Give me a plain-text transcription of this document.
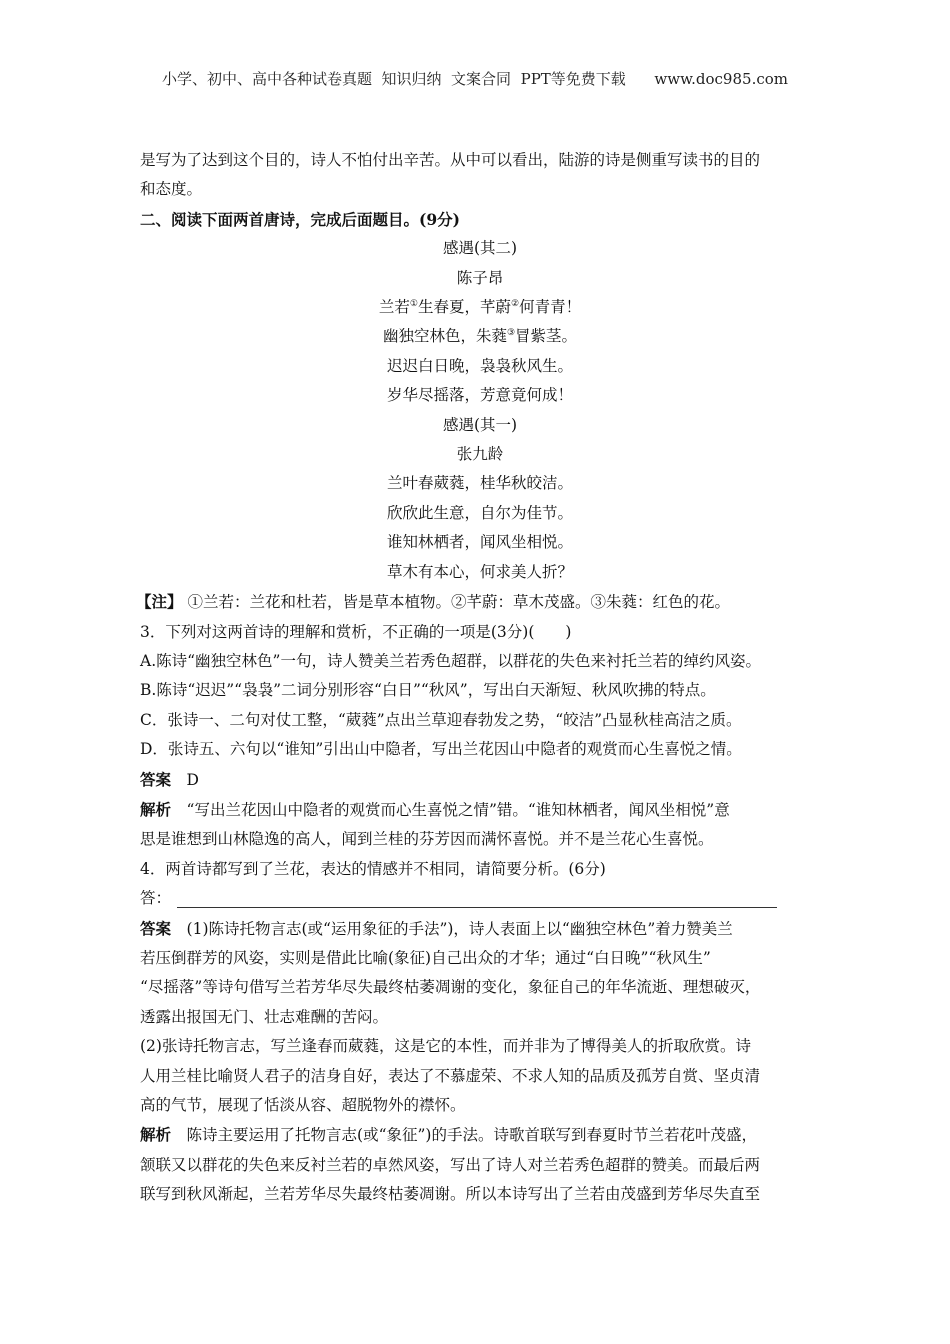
小学、初中、高中各种试卷真题  知识归纳  文案合同  PPT等免费下载      www.doc985.com
是写为了达到这个目的，诗人不怕付出辛苦。从中可以看出，陆游的诗是侧重写读书的目的
和态度。
二、阅读下面两首唐诗，完成后面题目。(9分)
感遇(其二)
陈子昂
兰若①生春夏，芊蔚②何青青！
幽独空林色，朱蕤③冒紫茎。
迟迟白日晚，袅袅秋风生。
岁华尽摇落，芳意竟何成！
感遇(其一)
张九龄
兰叶春葳蕤，桂华秋皎洁。
欣欣此生意，自尔为佳节。
谁知林栖者，闻风坐相悦。
草木有本心，何求美人折？
【注】 ①兰若：兰花和杜若，皆是草本植物。②芊蔚：草木茂盛。③朱蕤：红色的花。
3．下列对这两首诗的理解和赏析，不正确的一项是(3分)(　　)
A.陈诗“幽独空林色”一句，诗人赞美兰若秀色超群，以群花的失色来衬托兰若的绰约风姿。
B.陈诗“迟迟”“袅袅”二词分别形容“白日”“秋风”，写出白天渐短、秋风吹拂的特点。
C．张诗一、二句对仗工整，“葳蕤”点出兰草迎春勃发之势，“皎洁”凸显秋桂高洁之质。
D．张诗五、六句以“谁知”引出山中隐者，写出兰花因山中隐者的观赏而心生喜悦之情。
答案　 D
解析　 “写出兰花因山中隐者的观赏而心生喜悦之情”错。“谁知林栖者，闻风坐相悦”意
思是谁想到山林隐逸的高人，闻到兰桂的芬芳因而满怀喜悦。并不是兰花心生喜悦。
4．两首诗都写到了兰花，表达的情感并不相同，请简要分析。(6分)
答：
答案　 (1)陈诗托物言志(或“运用象征的手法”)，诗人表面上以“幽独空林色”着力赞美兰
若压倒群芳的风姿，实则是借此比喻(象征)自己出众的才华；通过“白日晚”“秋风生”
“尽摇落”等诗句借写兰若芳华尽失最终枯萎凋谢的变化，象征自己的年华流逝、理想破灭，
透露出报国无门、壮志难酬的苦闷。
(2)张诗托物言志，写兰逢春而葳蕤，这是它的本性，而并非为了博得美人的折取欣赏。诗
人用兰桂比喻贤人君子的洁身自好，表达了不慕虚荣、不求人知的品质及孤芳自赏、坚贞清
高的气节，展现了恬淡从容、超脱物外的襟怀。
解析　 陈诗主要运用了托物言志(或“象征”)的手法。诗歌首联写到春夏时节兰若花叶茂盛，
颔联又以群花的失色来反衬兰若的卓然风姿，写出了诗人对兰若秀色超群的赞美。而最后两
联写到秋风渐起，兰若芳华尽失最终枯萎凋谢。所以本诗写出了兰若由茂盛到芳华尽失直至
